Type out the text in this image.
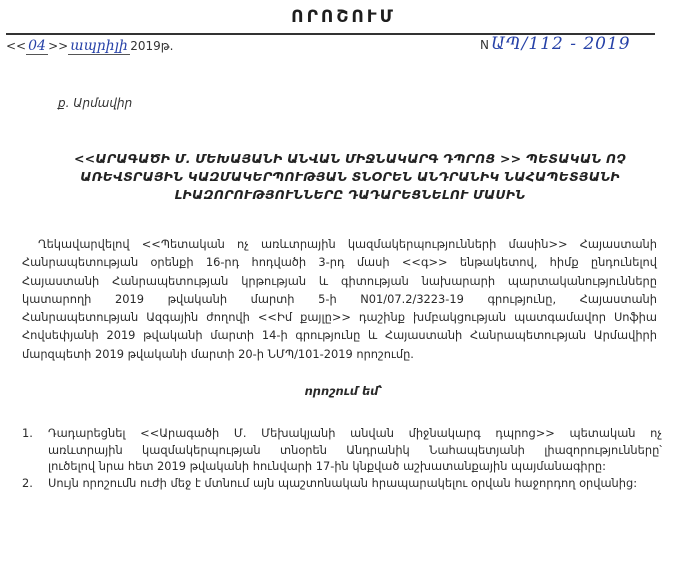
ՈՐՈՇՈՒՄ
<< 04 >> ապրիլի 2019թ.	N ԱՊ/112 - 2019
ք. Արմավիր
<<ԱՐԱԳԱԾԻ Մ. ՄԵԽԱՅԱՆԻ ԱՆՎԱՆ ՄԻՋՆԱԿԱՐԳ ԴՊՐՈՑ >> ՊԵՏԱԿԱՆ ՈՉ
ԱՌԵՎՏՐԱՅԻՆ ԿԱԶՄԱԿԵՐՊՈՒԹՅԱՆ ՏՆՕՐԵՆ ԱՆԴՐԱՆԻԿ ՆԱՀԱՊԵՏՅԱՆԻ
ԼԻԱԶՈՐՈՒԹՅՈՒՆՆԵՐԸ ԴԱԴԱՐԵՑՆԵԼՈՒ ՄԱՍԻՆ
Ղեկավարվելով <<Պետական ոչ առևտրային կազմակերպությունների մասին>> Հայաստանի
Հանրապետության օրենքի 16-րդ հոդվածի 3-րդ մասի <<գ>> ենթակետով, հիմք ընդունելով
Հայաստանի Հանրապետության կրթության և գիտության նախարարի պարտականությունները
կատարողի 2019 թվականի մարտի 5-ի N01/07.2/3223-19 գրությունը, Հայաստանի
Հանրապետության Ազգային ժողովի <<Իմ քայլը>> դաշինք խմբակցության պատգամավոր Սոֆիա
Հովսեփյանի 2019 թվականի մարտի 14-ի գրությունը և Հայաստանի Հանրապետության Արմավիրի
մարզպետի 2019 թվականի մարտի 20-ի ՆՄՊ/101-2019 որոշումը.
որոշում եմ՝
1.	Դադարեցնել <<Արագածի Մ. Մեխակյանի անվան միջնակարգ դպրոց>> պետական ոչ
առևտրային կազմակերպության տնօրեն Անդրանիկ Նահապետյանի լիազորությունները՝
լուծելով նրա հետ 2019 թվականի հունվարի 17-ին կնքված աշխատանքային պայմանագիրը:
2.	Սույն որոշումն ուժի մեջ է մտնում այն պաշտոնական հրապարակելու օրվան հաջորդող օրվանից:
